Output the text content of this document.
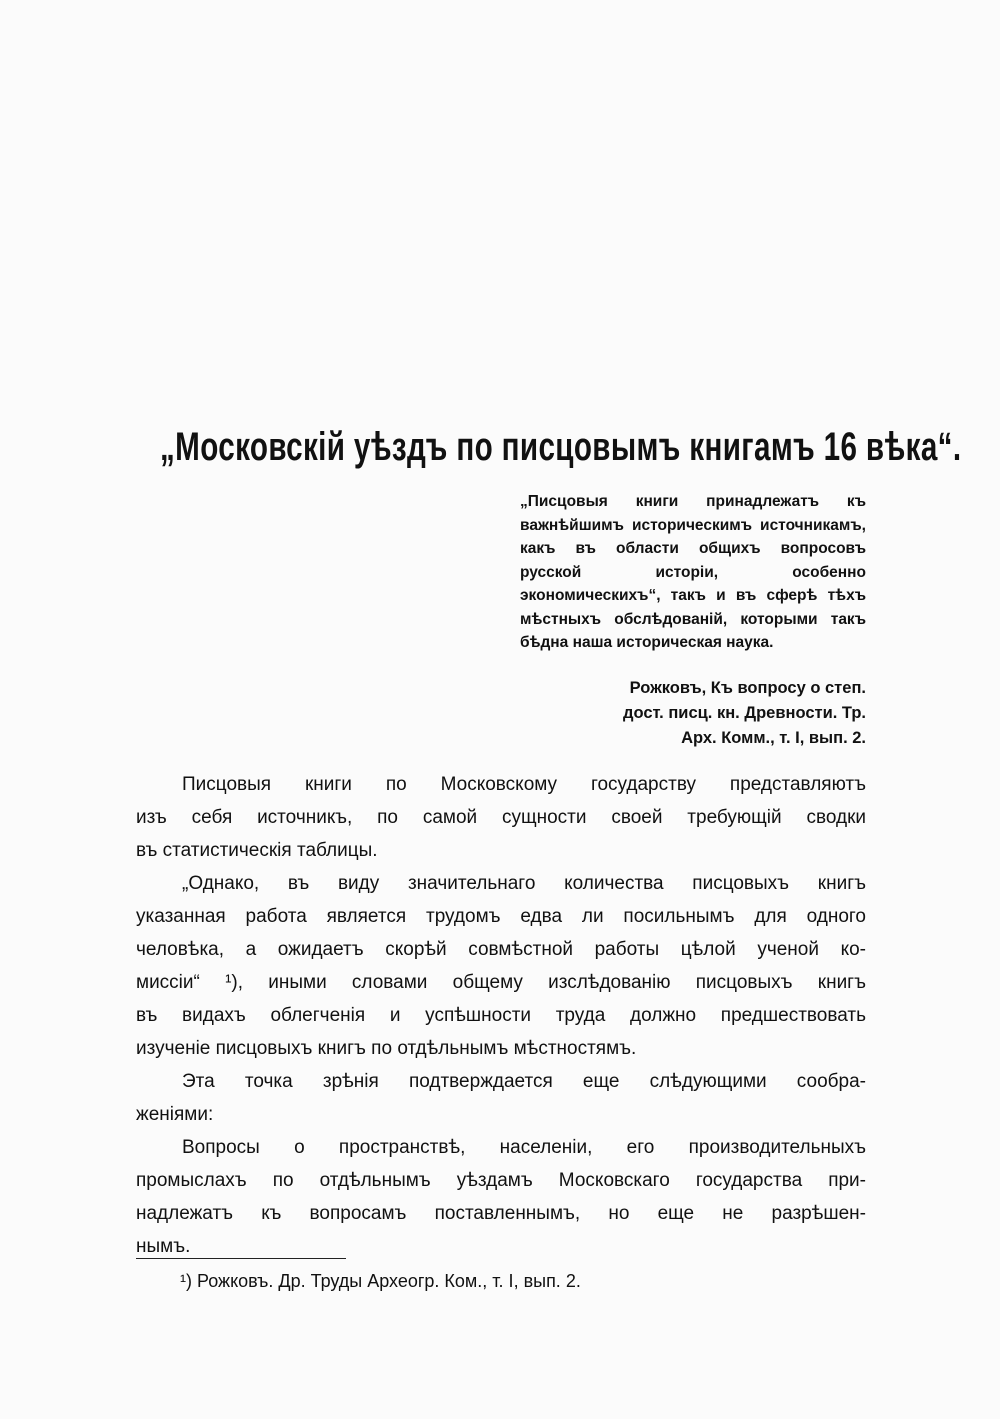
„Московскій уѣздъ по писцовымъ книгамъ 16 вѣка“.

„Писцовыя книги принадлежатъ къ важнѣйшимъ историческимъ источникамъ, какъ въ области общихъ вопросовъ русской исторіи, особенно экономическихъ“, такъ и въ сферѣ тѣхъ мѣстныхъ обслѣдованій, которыми такъ бѣдна наша историческая наука.

Рожковъ, Къ вопросу о степ.
дост. писц. кн. Древности. Тр.
Арх. Комм., т. I, вып. 2.

Писцовыя книги по Московскому государству представляютъ
изъ себя источникъ, по самой сущности своей требующій сводки
въ статистическія таблицы.

„Однако, въ виду значительнаго количества писцовыхъ книгъ
указанная работа является трудомъ едва ли посильнымъ для одного
человѣка, а ожидаетъ скорѣй совмѣстной работы цѣлой ученой ко-
миссіи“ ¹), иными словами общему изслѣдованію писцовыхъ книгъ
въ видахъ облегченія и успѣшности труда должно предшествовать
изученіе писцовыхъ книгъ по отдѣльнымъ мѣстностямъ.

Эта точка зрѣнія подтверждается еще слѣдующими сообра-
женіями:

Вопросы о пространствѣ, населеніи, его производительныхъ
промыслахъ по отдѣльнымъ уѣздамъ Московскаго государства при-
надлежатъ къ вопросамъ поставленнымъ, но еще не разрѣшен-
нымъ.

¹) Рожковъ. Др. Труды Археогр. Ком., т. I, вып. 2.
